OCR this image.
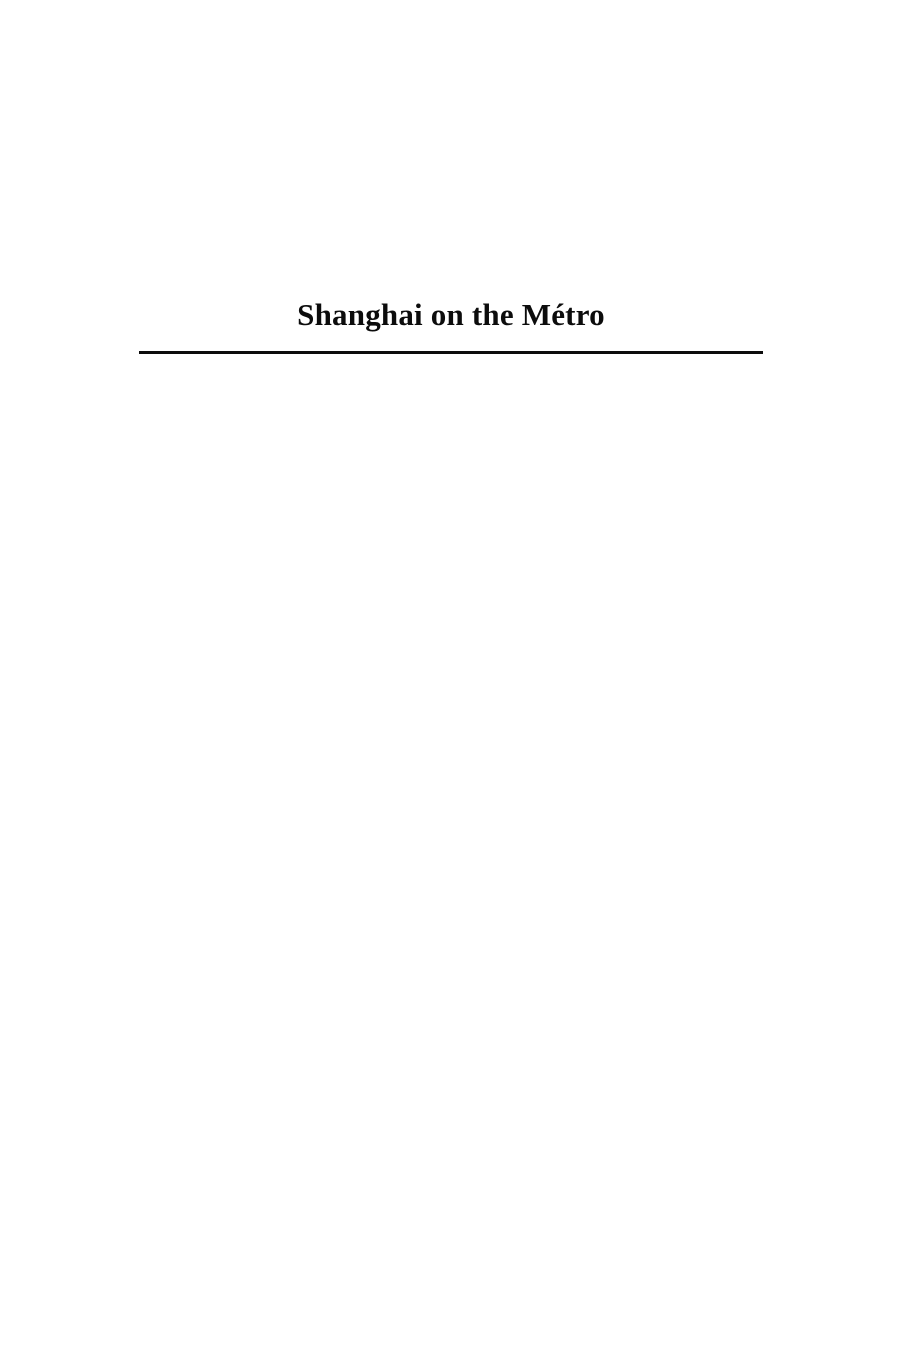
Shanghai on the Métro
